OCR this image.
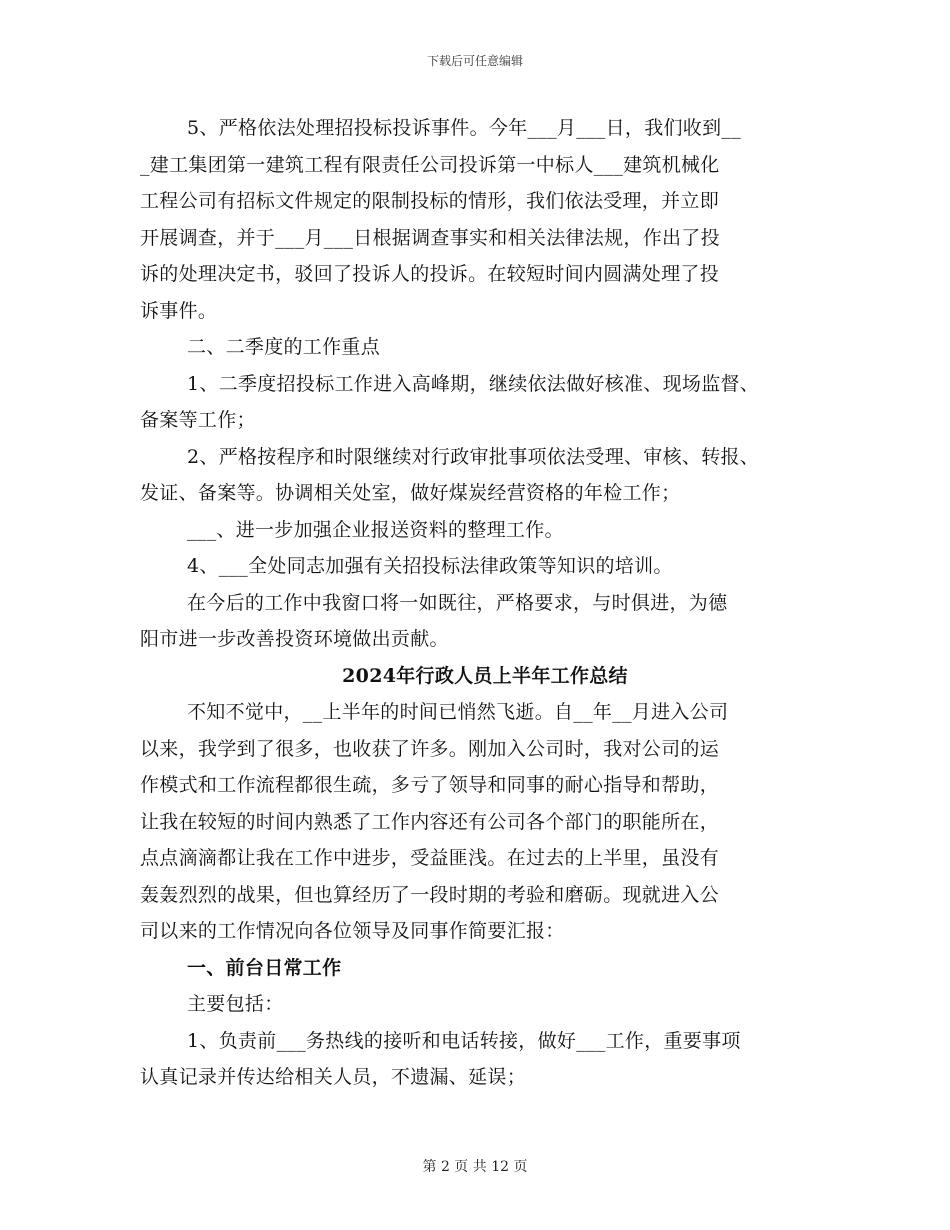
下载后可任意编辑
5、严格依法处理招投标投诉事件。今年___月___日，我们收到__
_建工集团第一建筑工程有限责任公司投诉第一中标人___建筑机械化
工程公司有招标文件规定的限制投标的情形，我们依法受理，并立即
开展调查，并于___月___日根据调查事实和相关法律法规，作出了投
诉的处理决定书，驳回了投诉人的投诉。在较短时间内圆满处理了投
诉事件。
二、二季度的工作重点
1、二季度招投标工作进入高峰期，继续依法做好核准、现场监督、
备案等工作；
2、严格按程序和时限继续对行政审批事项依法受理、审核、转报、
发证、备案等。协调相关处室，做好煤炭经营资格的年检工作；
___、进一步加强企业报送资料的整理工作。
4、___全处同志加强有关招投标法律政策等知识的培训。
在今后的工作中我窗口将一如既往，严格要求，与时俱进，为德
阳市进一步改善投资环境做出贡献。
2024年行政人员上半年工作总结
不知不觉中，__上半年的时间已悄然飞逝。自__年__月进入公司
以来，我学到了很多，也收获了许多。刚加入公司时，我对公司的运
作模式和工作流程都很生疏，多亏了领导和同事的耐心指导和帮助，
让我在较短的时间内熟悉了工作内容还有公司各个部门的职能所在，
点点滴滴都让我在工作中进步，受益匪浅。在过去的上半里，虽没有
轰轰烈烈的战果，但也算经历了一段时期的考验和磨砺。现就进入公
司以来的工作情况向各位领导及同事作简要汇报：
一、前台日常工作
主要包括：
1、负责前___务热线的接听和电话转接，做好___工作，重要事项
认真记录并传达给相关人员，不遗漏、延误；
第 2 页 共 12 页
